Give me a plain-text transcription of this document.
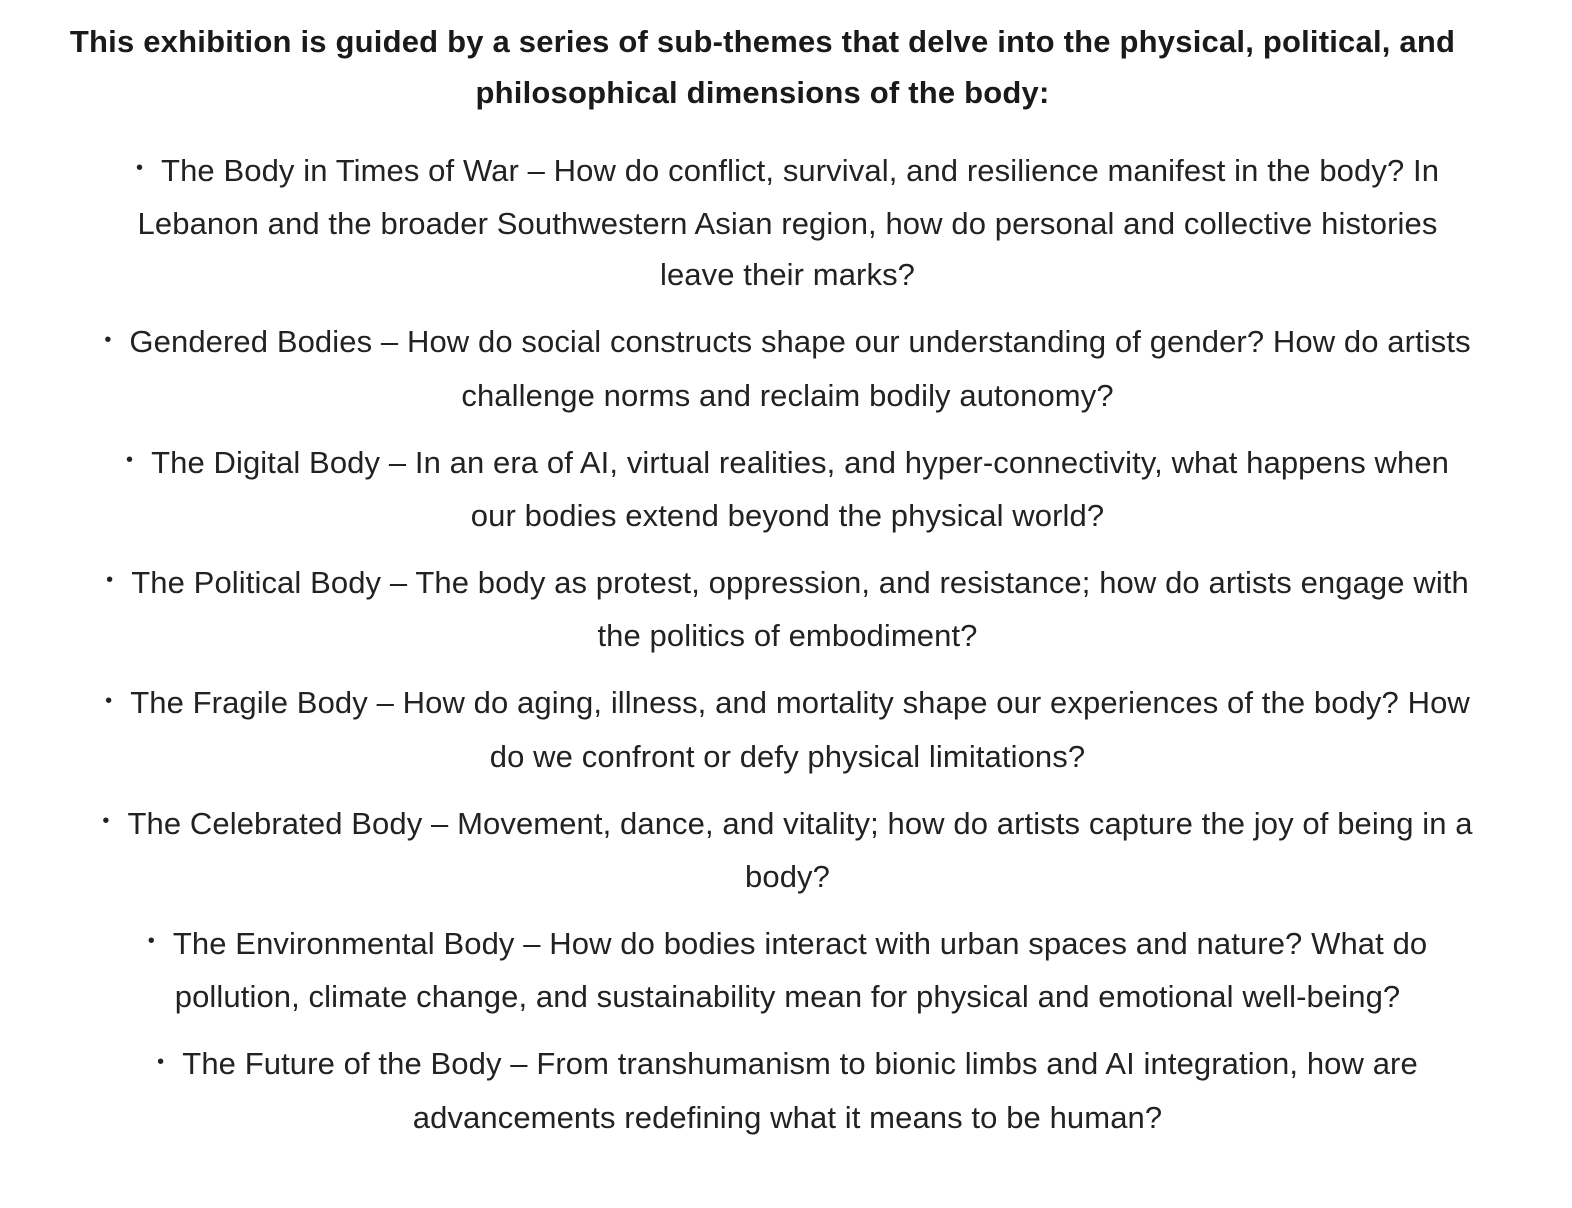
This exhibition is guided by a series of sub-themes that delve into the physical, political, and philosophical dimensions of the body:

• The Body in Times of War – How do conflict, survival, and resilience manifest in the body? In Lebanon and the broader Southwestern Asian region, how do personal and collective histories leave their marks?
• Gendered Bodies – How do social constructs shape our understanding of gender? How do artists challenge norms and reclaim bodily autonomy?
• The Digital Body – In an era of AI, virtual realities, and hyper-connectivity, what happens when our bodies extend beyond the physical world?
• The Political Body – The body as protest, oppression, and resistance; how do artists engage with the politics of embodiment?
• The Fragile Body – How do aging, illness, and mortality shape our experiences of the body? How do we confront or defy physical limitations?
• The Celebrated Body – Movement, dance, and vitality; how do artists capture the joy of being in a body?
• The Environmental Body – How do bodies interact with urban spaces and nature? What do pollution, climate change, and sustainability mean for physical and emotional well-being?
• The Future of the Body – From transhumanism to bionic limbs and AI integration, how are advancements redefining what it means to be human?
